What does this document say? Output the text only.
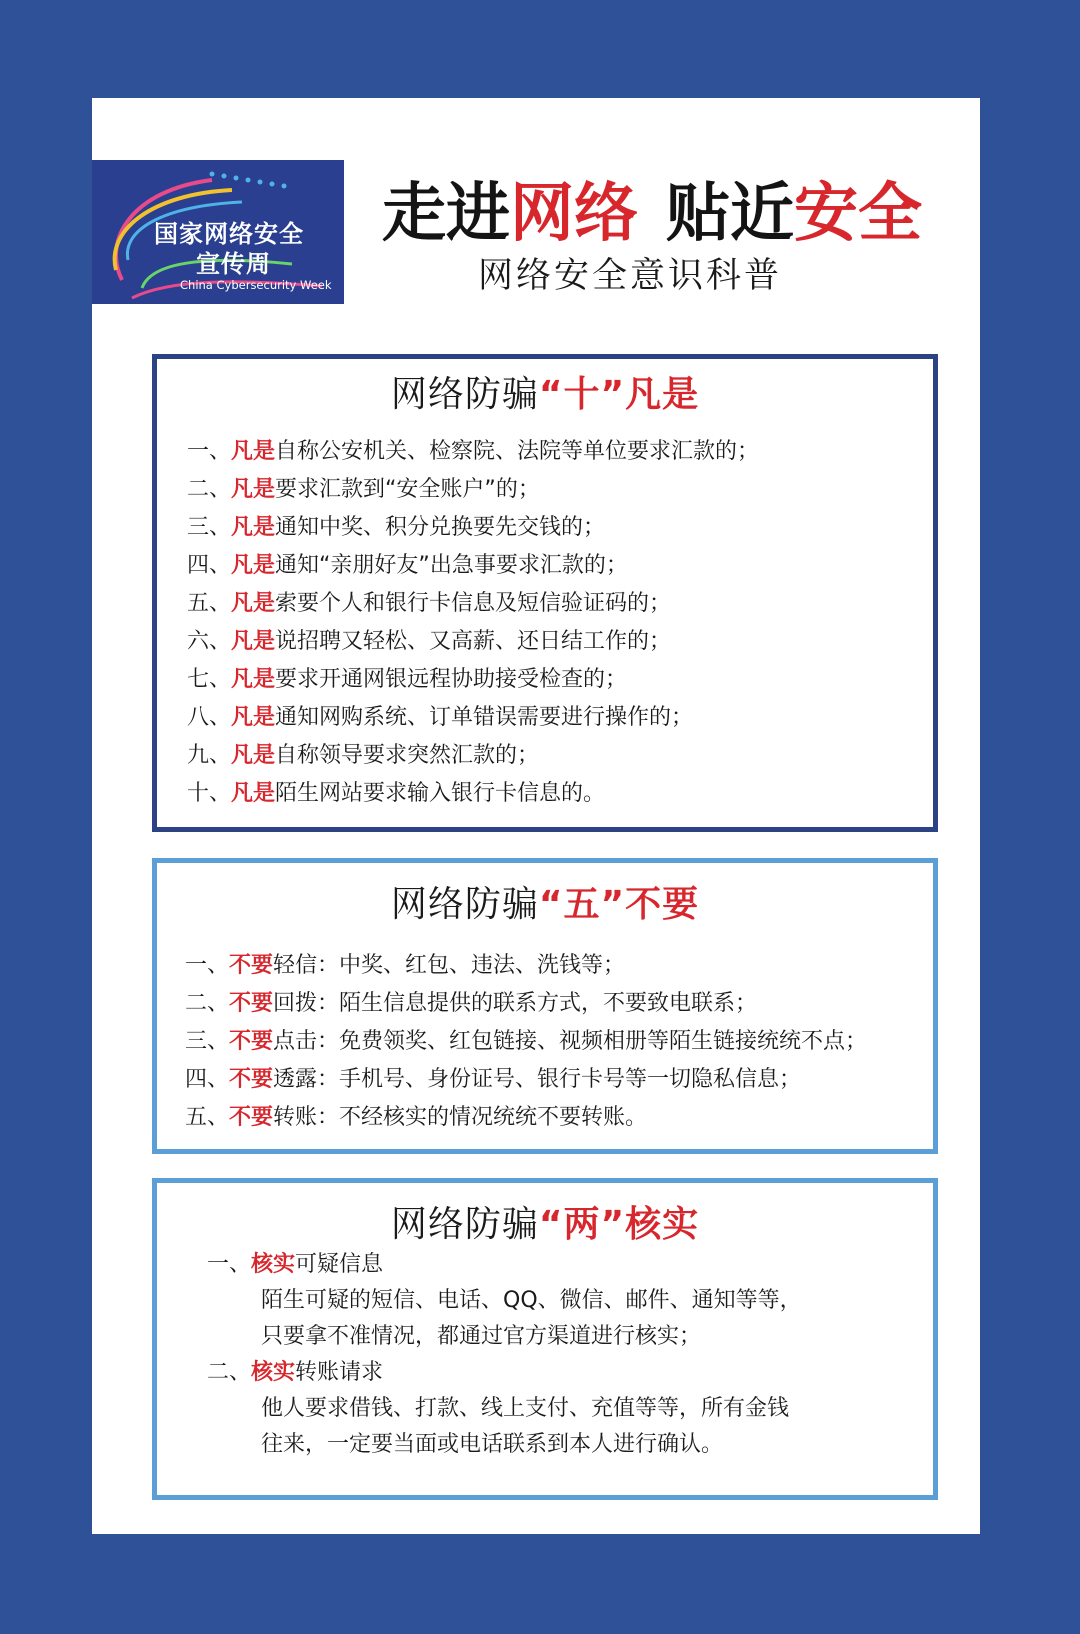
国家网络安全
宣传周
China Cybersecurity Week
走进网络 贴近安全
网络安全意识科普
网络防骗“十”凡是
一、凡是自称公安机关、检察院、法院等单位要求汇款的；
二、凡是要求汇款到“安全账户”的；
三、凡是通知中奖、积分兑换要先交钱的；
四、凡是通知“亲朋好友”出急事要求汇款的；
五、凡是索要个人和银行卡信息及短信验证码的；
六、凡是说招聘又轻松、又高薪、还日结工作的；
七、凡是要求开通网银远程协助接受检查的；
八、凡是通知网购系统、订单错误需要进行操作的；
九、凡是自称领导要求突然汇款的；
十、凡是陌生网站要求输入银行卡信息的。
网络防骗“五”不要
一、不要轻信：中奖、红包、违法、洗钱等；
二、不要回拨：陌生信息提供的联系方式，不要致电联系；
三、不要点击：免费领奖、红包链接、视频相册等陌生链接统统不点；
四、不要透露：手机号、身份证号、银行卡号等一切隐私信息；
五、不要转账：不经核实的情况统统不要转账。
网络防骗“两”核实
一、核实可疑信息
陌生可疑的短信、电话、QQ、微信、邮件、通知等等，
只要拿不准情况，都通过官方渠道进行核实；
二、核实转账请求
他人要求借钱、打款、线上支付、充值等等，所有金钱
往来，一定要当面或电话联系到本人进行确认。
